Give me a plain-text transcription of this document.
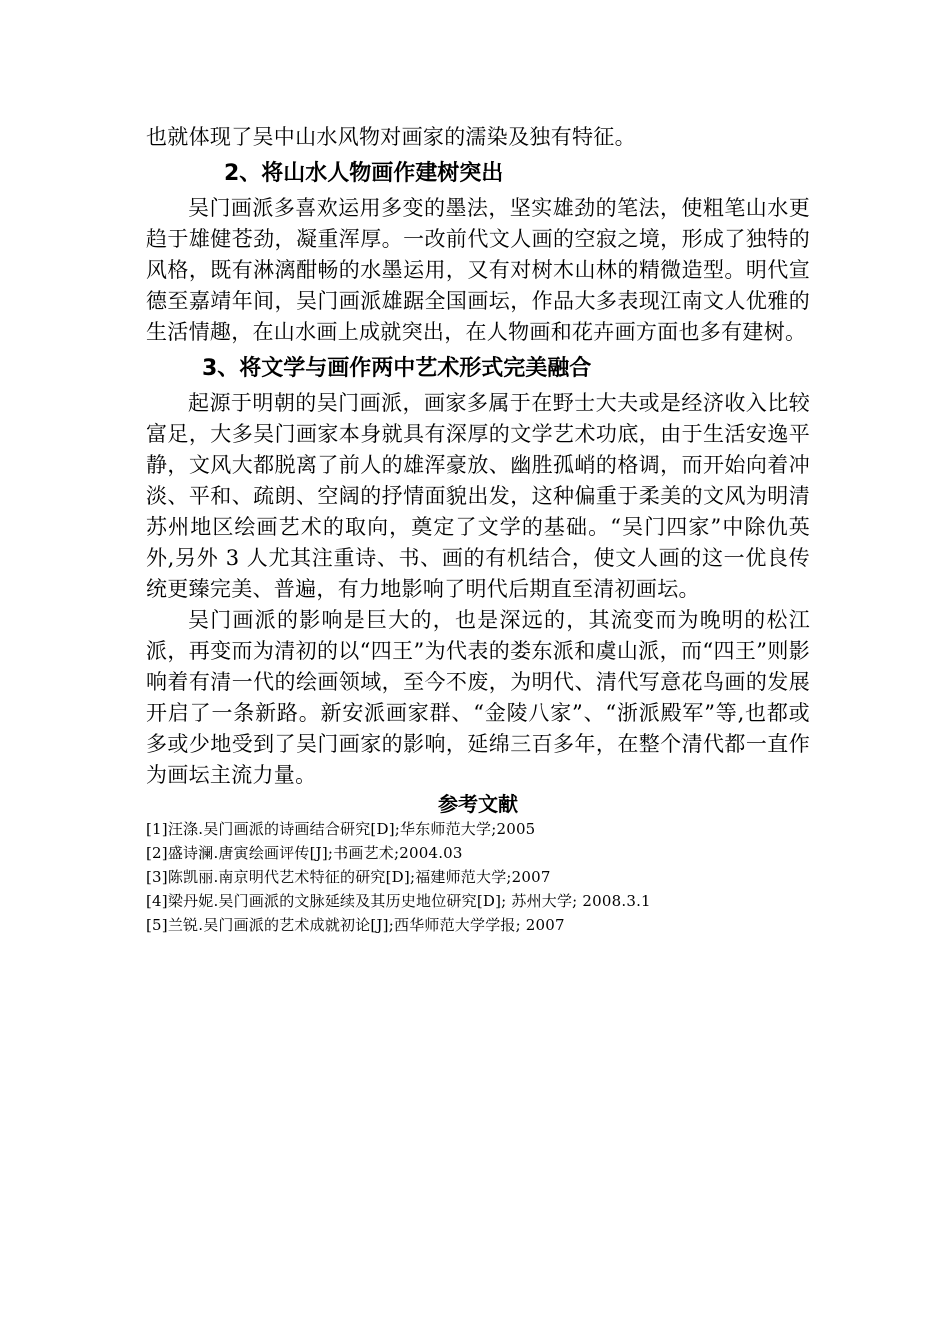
也就体现了吴中山水风物对画家的濡染及独有特征。

2、将山水人物画作建树突出

吴门画派多喜欢运用多变的墨法，坚实雄劲的笔法，使粗笔山水更趋于雄健苍劲，凝重浑厚。一改前代文人画的空寂之境，形成了独特的风格，既有淋漓酣畅的水墨运用，又有对树木山林的精微造型。明代宣德至嘉靖年间，吴门画派雄踞全国画坛，作品大多表现江南文人优雅的生活情趣，在山水画上成就突出，在人物画和花卉画方面也多有建树。

3、将文学与画作两中艺术形式完美融合

起源于明朝的吴门画派，画家多属于在野士大夫或是经济收入比较富足，大多吴门画家本身就具有深厚的文学艺术功底，由于生活安逸平静，文风大都脱离了前人的雄浑豪放、幽胜孤峭的格调，而开始向着冲淡、平和、疏朗、空阔的抒情面貌出发，这种偏重于柔美的文风为明清苏州地区绘画艺术的取向，奠定了文学的基础。“吴门四家”中除仇英外,另外 3 人尤其注重诗、书、画的有机结合，使文人画的这一优良传统更臻完美、普遍，有力地影响了明代后期直至清初画坛。

吴门画派的影响是巨大的，也是深远的，其流变而为晚明的松江派，再变而为清初的以“四王”为代表的娄东派和虞山派，而“四王”则影响着有清一代的绘画领域，至今不废，为明代、清代写意花鸟画的发展开启了一条新路。新安派画家群、“金陵八家”、“浙派殿军”等,也都或多或少地受到了吴门画家的影响，延绵三百多年，在整个清代都一直作为画坛主流力量。

参考文献
[1]汪涤.吴门画派的诗画结合研究[D];华东师范大学;2005
[2]盛诗澜.唐寅绘画评传[J];书画艺术;2004.03
[3]陈凯丽.南京明代艺术特征的研究[D];福建师范大学;2007
[4]梁丹妮.吴门画派的文脉延续及其历史地位研究[D]; 苏州大学; 2008.3.1
[5]兰锐.吴门画派的艺术成就初论[J];西华师范大学学报; 2007
